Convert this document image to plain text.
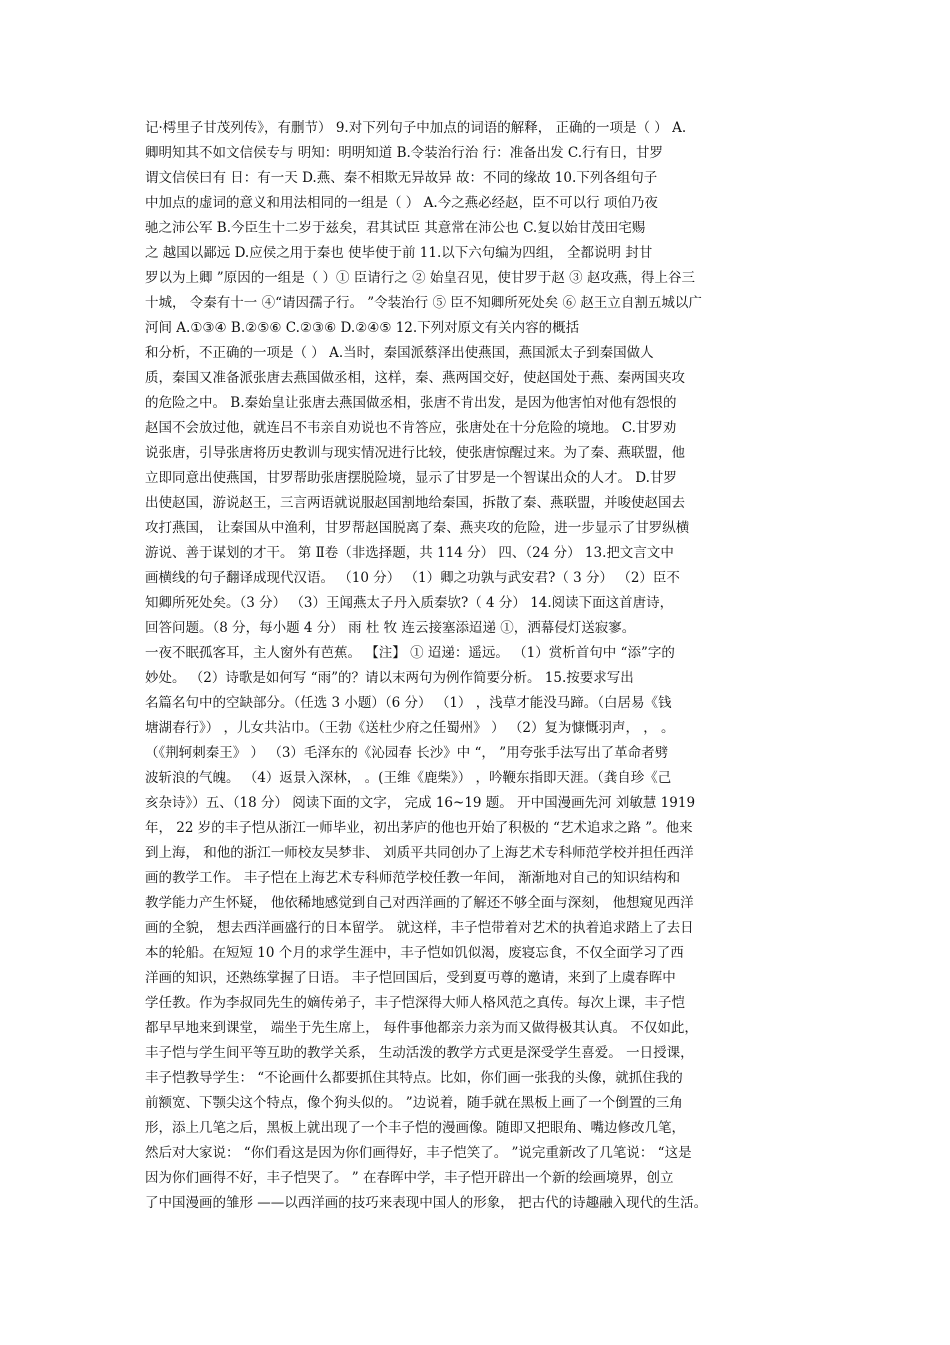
记·樗里子甘茂列传》，有删节） 9.对下列句子中加点的词语的解释， 正确的一项是（ ） A.
卿明知其不如文信侯专与 明知：明明知道 B.令装治行治 行：准备出发 C.行有日，甘罗
谓文信侯曰有 日：有一天 D.燕、秦不相欺无异故异 故：不同的缘故 10.下列各组句子
中加点的虚词的意义和用法相同的一组是（ ） A.今之燕必经赵，臣不可以行 项伯乃夜
驰之沛公军 B.今臣生十二岁于兹矣，君其试臣 其意常在沛公也 C.复以始甘茂田宅赐
之 越国以鄙远 D.应侯之用于秦也 使毕使于前 11.以下六句编为四组， 全都说明 封甘
罗以为上卿 ”原因的一组是（ ）① 臣请行之 ② 始皇召见，使甘罗于赵 ③ 赵攻燕，得上谷三
十城， 令秦有十一 ④“请因孺子行。 ”令装治行 ⑤ 臣不知卿所死处矣 ⑥ 赵王立自割五城以广
河间 A.①③④ B.②⑤⑥ C.②③⑥ D.②④⑤ 12.下列对原文有关内容的概括
和分析，不正确的一项是（ ） A.当时，秦国派蔡泽出使燕国，燕国派太子到秦国做人
质，秦国又准备派张唐去燕国做丞相，这样，秦、燕两国交好，使赵国处于燕、秦两国夹攻
的危险之中。 B.秦始皇让张唐去燕国做丞相，张唐不肯出发，是因为他害怕对他有怨恨的
赵国不会放过他，就连吕不韦亲自劝说也不肯答应，张唐处在十分危险的境地。 C.甘罗劝
说张唐，引导张唐将历史教训与现实情况进行比较，使张唐惊醒过来。为了秦、燕联盟，他
立即同意出使燕国，甘罗帮助张唐摆脱险境，显示了甘罗是一个智谋出众的人才。 D.甘罗
出使赵国，游说赵王，三言两语就说服赵国割地给秦国，拆散了秦、燕联盟，并唆使赵国去
攻打燕国， 让秦国从中渔利，甘罗帮赵国脱离了秦、燕夹攻的危险，进一步显示了甘罗纵横
游说、善于谋划的才干。 第 Ⅱ卷（非选择题，共 114 分） 四、（24 分） 13.把文言文中
画横线的句子翻译成现代汉语。 （10 分） （1）卿之功孰与武安君?（ 3 分） （2）臣不
知卿所死处矣。（3 分） （3）王闻燕太子丹入质秦欤?（ 4 分） 14.阅读下面这首唐诗，
回答问题。（8 分，每小题 4 分） 雨 杜 牧 连云接塞添迢递 ①，洒幕侵灯送寂寥。
一夜不眠孤客耳，主人窗外有芭蕉。 【注】 ① 迢递：遥远。 （1）赏析首句中 “添”字的
妙处。 （2）诗歌是如何写 “雨”的？请以末两句为例作简要分析。 15.按要求写出
名篇名句中的空缺部分。（任选 3 小题）（6 分） （1） ，浅草才能没马蹄。（白居易《钱
塘湖春行》） ，儿女共沾巾。（王勃《送杜少府之任蜀州》 ） （2）复为慷慨羽声， ， 。
（《荆轲刺秦王》 ） （3）毛泽东的《沁园春 长沙》中 “， ”用夸张手法写出了革命者劈
波斩浪的气魄。 （4）返景入深林， 。(王维《鹿柴》） ，吟鞭东指即天涯。（龚自珍《己
亥杂诗》）五、（18 分） 阅读下面的文字， 完成 16~19 题。 开中国漫画先河 刘敏慧 1919
年， 22 岁的丰子恺从浙江一师毕业，初出茅庐的他也开始了积极的 “艺术追求之路 ”。他来
到上海， 和他的浙江一师校友吴梦非、 刘质平共同创办了上海艺术专科师范学校并担任西洋
画的教学工作。 丰子恺在上海艺术专科师范学校任教一年间， 渐渐地对自己的知识结构和
教学能力产生怀疑， 他依稀地感觉到自己对西洋画的了解还不够全面与深刻， 他想窥见西洋
画的全貌， 想去西洋画盛行的日本留学。 就这样，丰子恺带着对艺术的执着追求踏上了去日
本的轮船。在短短 10 个月的求学生涯中，丰子恺如饥似渴，废寝忘食，不仅全面学习了西
洋画的知识，还熟练掌握了日语。 丰子恺回国后，受到夏丏尊的邀请，来到了上虞春晖中
学任教。作为李叔同先生的嫡传弟子，丰子恺深得大师人格风范之真传。每次上课，丰子恺
都早早地来到课堂， 端坐于先生席上， 每件事他都亲力亲为而又做得极其认真。 不仅如此，
丰子恺与学生间平等互助的教学关系， 生动活泼的教学方式更是深受学生喜爱。 一日授课，
丰子恺教导学生： “不论画什么都要抓住其特点。比如，你们画一张我的头像，就抓住我的
前额宽、下颚尖这个特点，像个狗头似的。 ”边说着，随手就在黑板上画了一个倒置的三角
形，添上几笔之后，黑板上就出现了一个丰子恺的漫画像。随即又把眼角、嘴边修改几笔，
然后对大家说： “你们看这是因为你们画得好，丰子恺笑了。 ”说完重新改了几笔说： “这是
因为你们画得不好，丰子恺哭了。 ” 在春晖中学，丰子恺开辟出一个新的绘画境界，创立
了中国漫画的雏形 ——以西洋画的技巧来表现中国人的形象， 把古代的诗趣融入现代的生活。
